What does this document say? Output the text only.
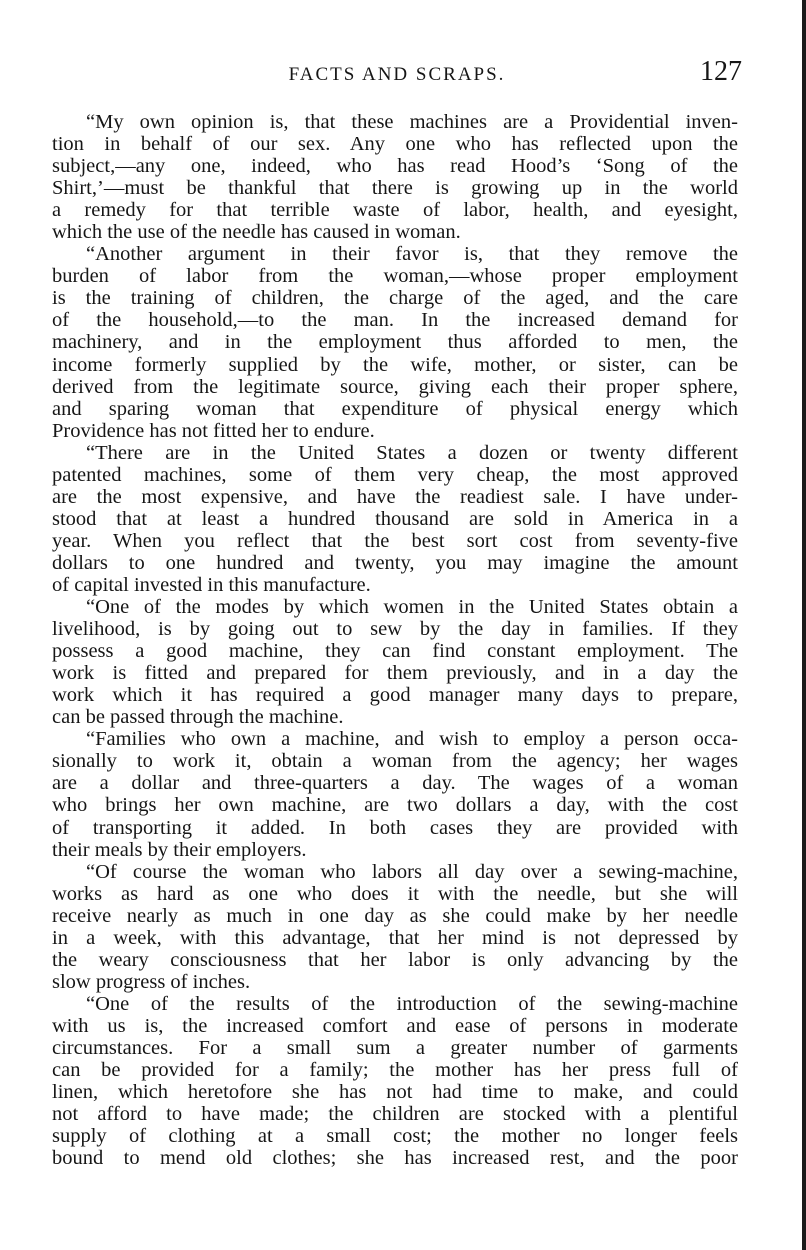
FACTS AND SCRAPS.	127
“My own opinion is, that these machines are a Providential inven-
tion in behalf of our sex. Any one who has reflected upon the
subject,—any one, indeed, who has read Hood’s ‘Song of the
Shirt,’—must be thankful that there is growing up in the world
a remedy for that terrible waste of labor, health, and eyesight,
which the use of the needle has caused in woman.
“Another argument in their favor is, that they remove the
burden of labor from the woman,—whose proper employment
is the training of children, the charge of the aged, and the care
of the household,—to the man. In the increased demand for
machinery, and in the employment thus afforded to men, the
income formerly supplied by the wife, mother, or sister, can be
derived from the legitimate source, giving each their proper sphere,
and sparing woman that expenditure of physical energy which
Providence has not fitted her to endure.
“There are in the United States a dozen or twenty different
patented machines, some of them very cheap, the most approved
are the most expensive, and have the readiest sale. I have under-
stood that at least a hundred thousand are sold in America in a
year. When you reflect that the best sort cost from seventy-five
dollars to one hundred and twenty, you may imagine the amount
of capital invested in this manufacture.
“One of the modes by which women in the United States obtain a
livelihood, is by going out to sew by the day in families. If they
possess a good machine, they can find constant employment. The
work is fitted and prepared for them previously, and in a day the
work which it has required a good manager many days to prepare,
can be passed through the machine.
“Families who own a machine, and wish to employ a person occa-
sionally to work it, obtain a woman from the agency; her wages
are a dollar and three-quarters a day. The wages of a woman
who brings her own machine, are two dollars a day, with the cost
of transporting it added. In both cases they are provided with
their meals by their employers.
“Of course the woman who labors all day over a sewing-machine,
works as hard as one who does it with the needle, but she will
receive nearly as much in one day as she could make by her needle
in a week, with this advantage, that her mind is not depressed by
the weary consciousness that her labor is only advancing by the
slow progress of inches.
“One of the results of the introduction of the sewing-machine
with us is, the increased comfort and ease of persons in moderate
circumstances. For a small sum a greater number of garments
can be provided for a family; the mother has her press full of
linen, which heretofore she has not had time to make, and could
not afford to have made; the children are stocked with a plentiful
supply of clothing at a small cost; the mother no longer feels
bound to mend old clothes; she has increased rest, and the poor
